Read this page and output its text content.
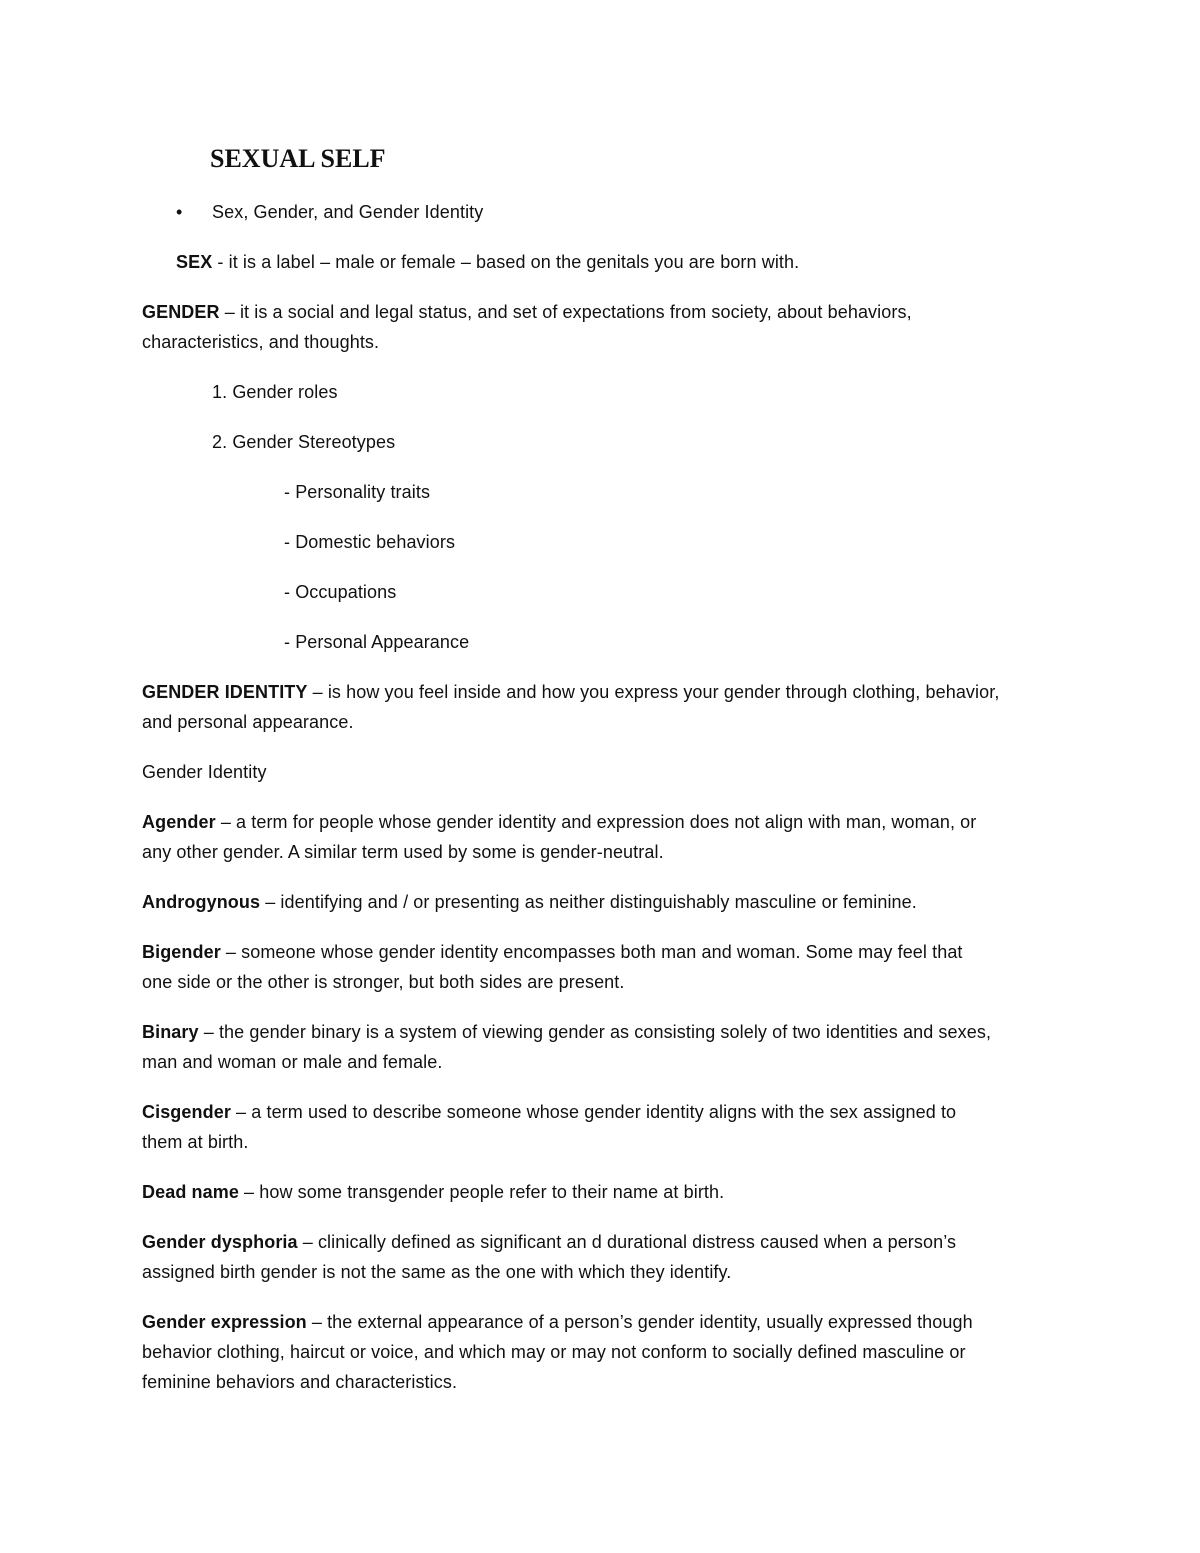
SEXUAL SELF
• Sex, Gender, and Gender Identity
SEX - it is a label – male or female – based on the genitals you are born with.
GENDER – it is a social and legal status, and set of expectations from society, about behaviors,
characteristics, and thoughts.
1. Gender roles
2. Gender Stereotypes
- Personality traits
- Domestic behaviors
- Occupations
- Personal Appearance
GENDER IDENTITY – is how you feel inside and how you express your gender through clothing, behavior,
and personal appearance.
Gender Identity
Agender – a term for people whose gender identity and expression does not align with man, woman, or
any other gender. A similar term used by some is gender-neutral.
Androgynous – identifying and / or presenting as neither distinguishably masculine or feminine.
Bigender – someone whose gender identity encompasses both man and woman. Some may feel that
one side or the other is stronger, but both sides are present.
Binary – the gender binary is a system of viewing gender as consisting solely of two identities and sexes,
man and woman or male and female.
Cisgender – a term used to describe someone whose gender identity aligns with the sex assigned to
them at birth.
Dead name – how some transgender people refer to their name at birth.
Gender dysphoria – clinically defined as significant an d durational distress caused when a person’s
assigned birth gender is not the same as the one with which they identify.
Gender expression – the external appearance of a person’s gender identity, usually expressed though
behavior clothing, haircut or voice, and which may or may not conform to socially defined masculine or
feminine behaviors and characteristics.
